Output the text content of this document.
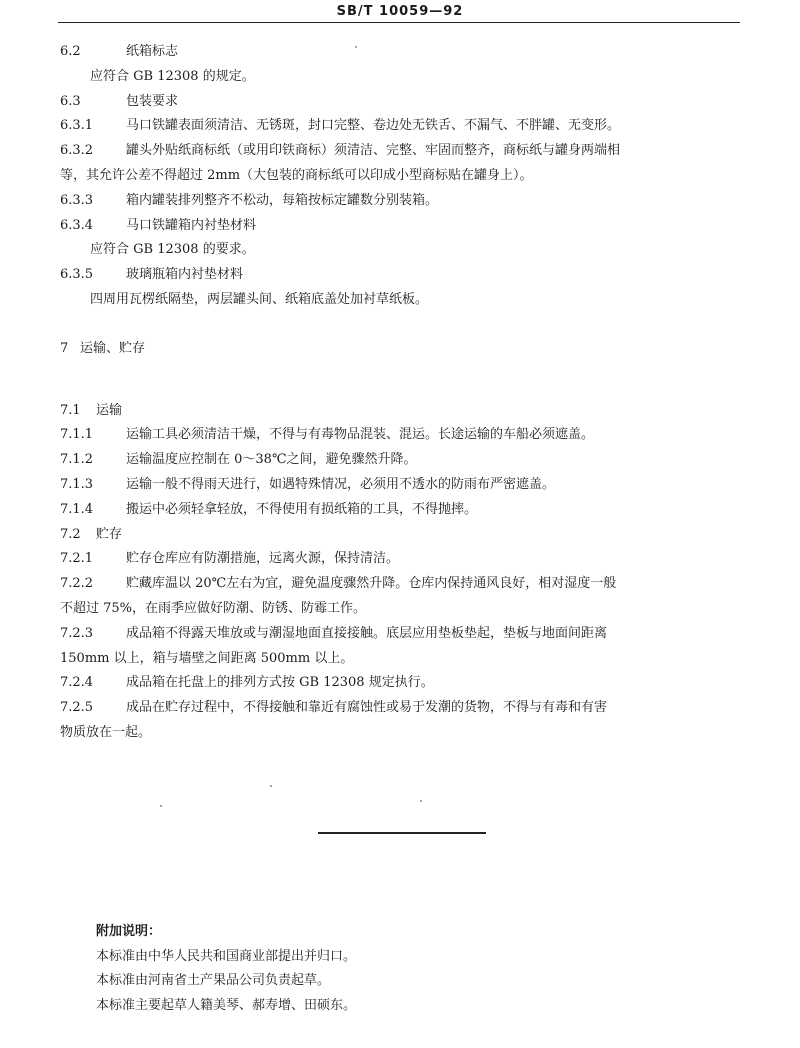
SB/T 10059—92
6.2	纸箱标志
应符合 GB 12308 的规定。
6.3	包装要求
6.3.1	马口铁罐表面须清洁、无锈斑，封口完整、卷边处无铁舌、不漏气、不胖罐、无变形。
6.3.2	罐头外贴纸商标纸（或用印铁商标）须清洁、完整、牢固而整齐，商标纸与罐身两端相
等，其允许公差不得超过 2mm（大包装的商标纸可以印成小型商标贴在罐身上）。
6.3.3	箱内罐装排列整齐不松动，每箱按标定罐数分别装箱。
6.3.4	马口铁罐箱内衬垫材料
应符合 GB 12308 的要求。
6.3.5	玻璃瓶箱内衬垫材料
四周用瓦楞纸隔垫，两层罐头间、纸箱底盖处加衬草纸板。
7 运输、贮存
7.1 运输
7.1.1	运输工具必须清洁干燥，不得与有毒物品混装、混运。长途运输的车船必须遮盖。
7.1.2	运输温度应控制在 0～38℃之间，避免骤然升降。
7.1.3	运输一般不得雨天进行，如遇特殊情况，必须用不透水的防雨布严密遮盖。
7.1.4	搬运中必须轻拿轻放，不得使用有损纸箱的工具，不得抛摔。
7.2 贮存
7.2.1	贮存仓库应有防潮措施，远离火源，保持清洁。
7.2.2	贮藏库温以 20℃左右为宜，避免温度骤然升降。仓库内保持通风良好，相对湿度一般
不超过 75%，在雨季应做好防潮、防锈、防霉工作。
7.2.3	成品箱不得露天堆放或与潮湿地面直接接触。底层应用垫板垫起，垫板与地面间距离
150mm 以上，箱与墙壁之间距离 500mm 以上。
7.2.4	成品箱在托盘上的排列方式按 GB 12308 规定执行。
7.2.5	成品在贮存过程中，不得接触和靠近有腐蚀性或易于发潮的货物，不得与有毒和有害
物质放在一起。
附加说明：
本标准由中华人民共和国商业部提出并归口。
本标准由河南省土产果品公司负责起草。
本标准主要起草人籍美琴、郝寿增、田硕东。
